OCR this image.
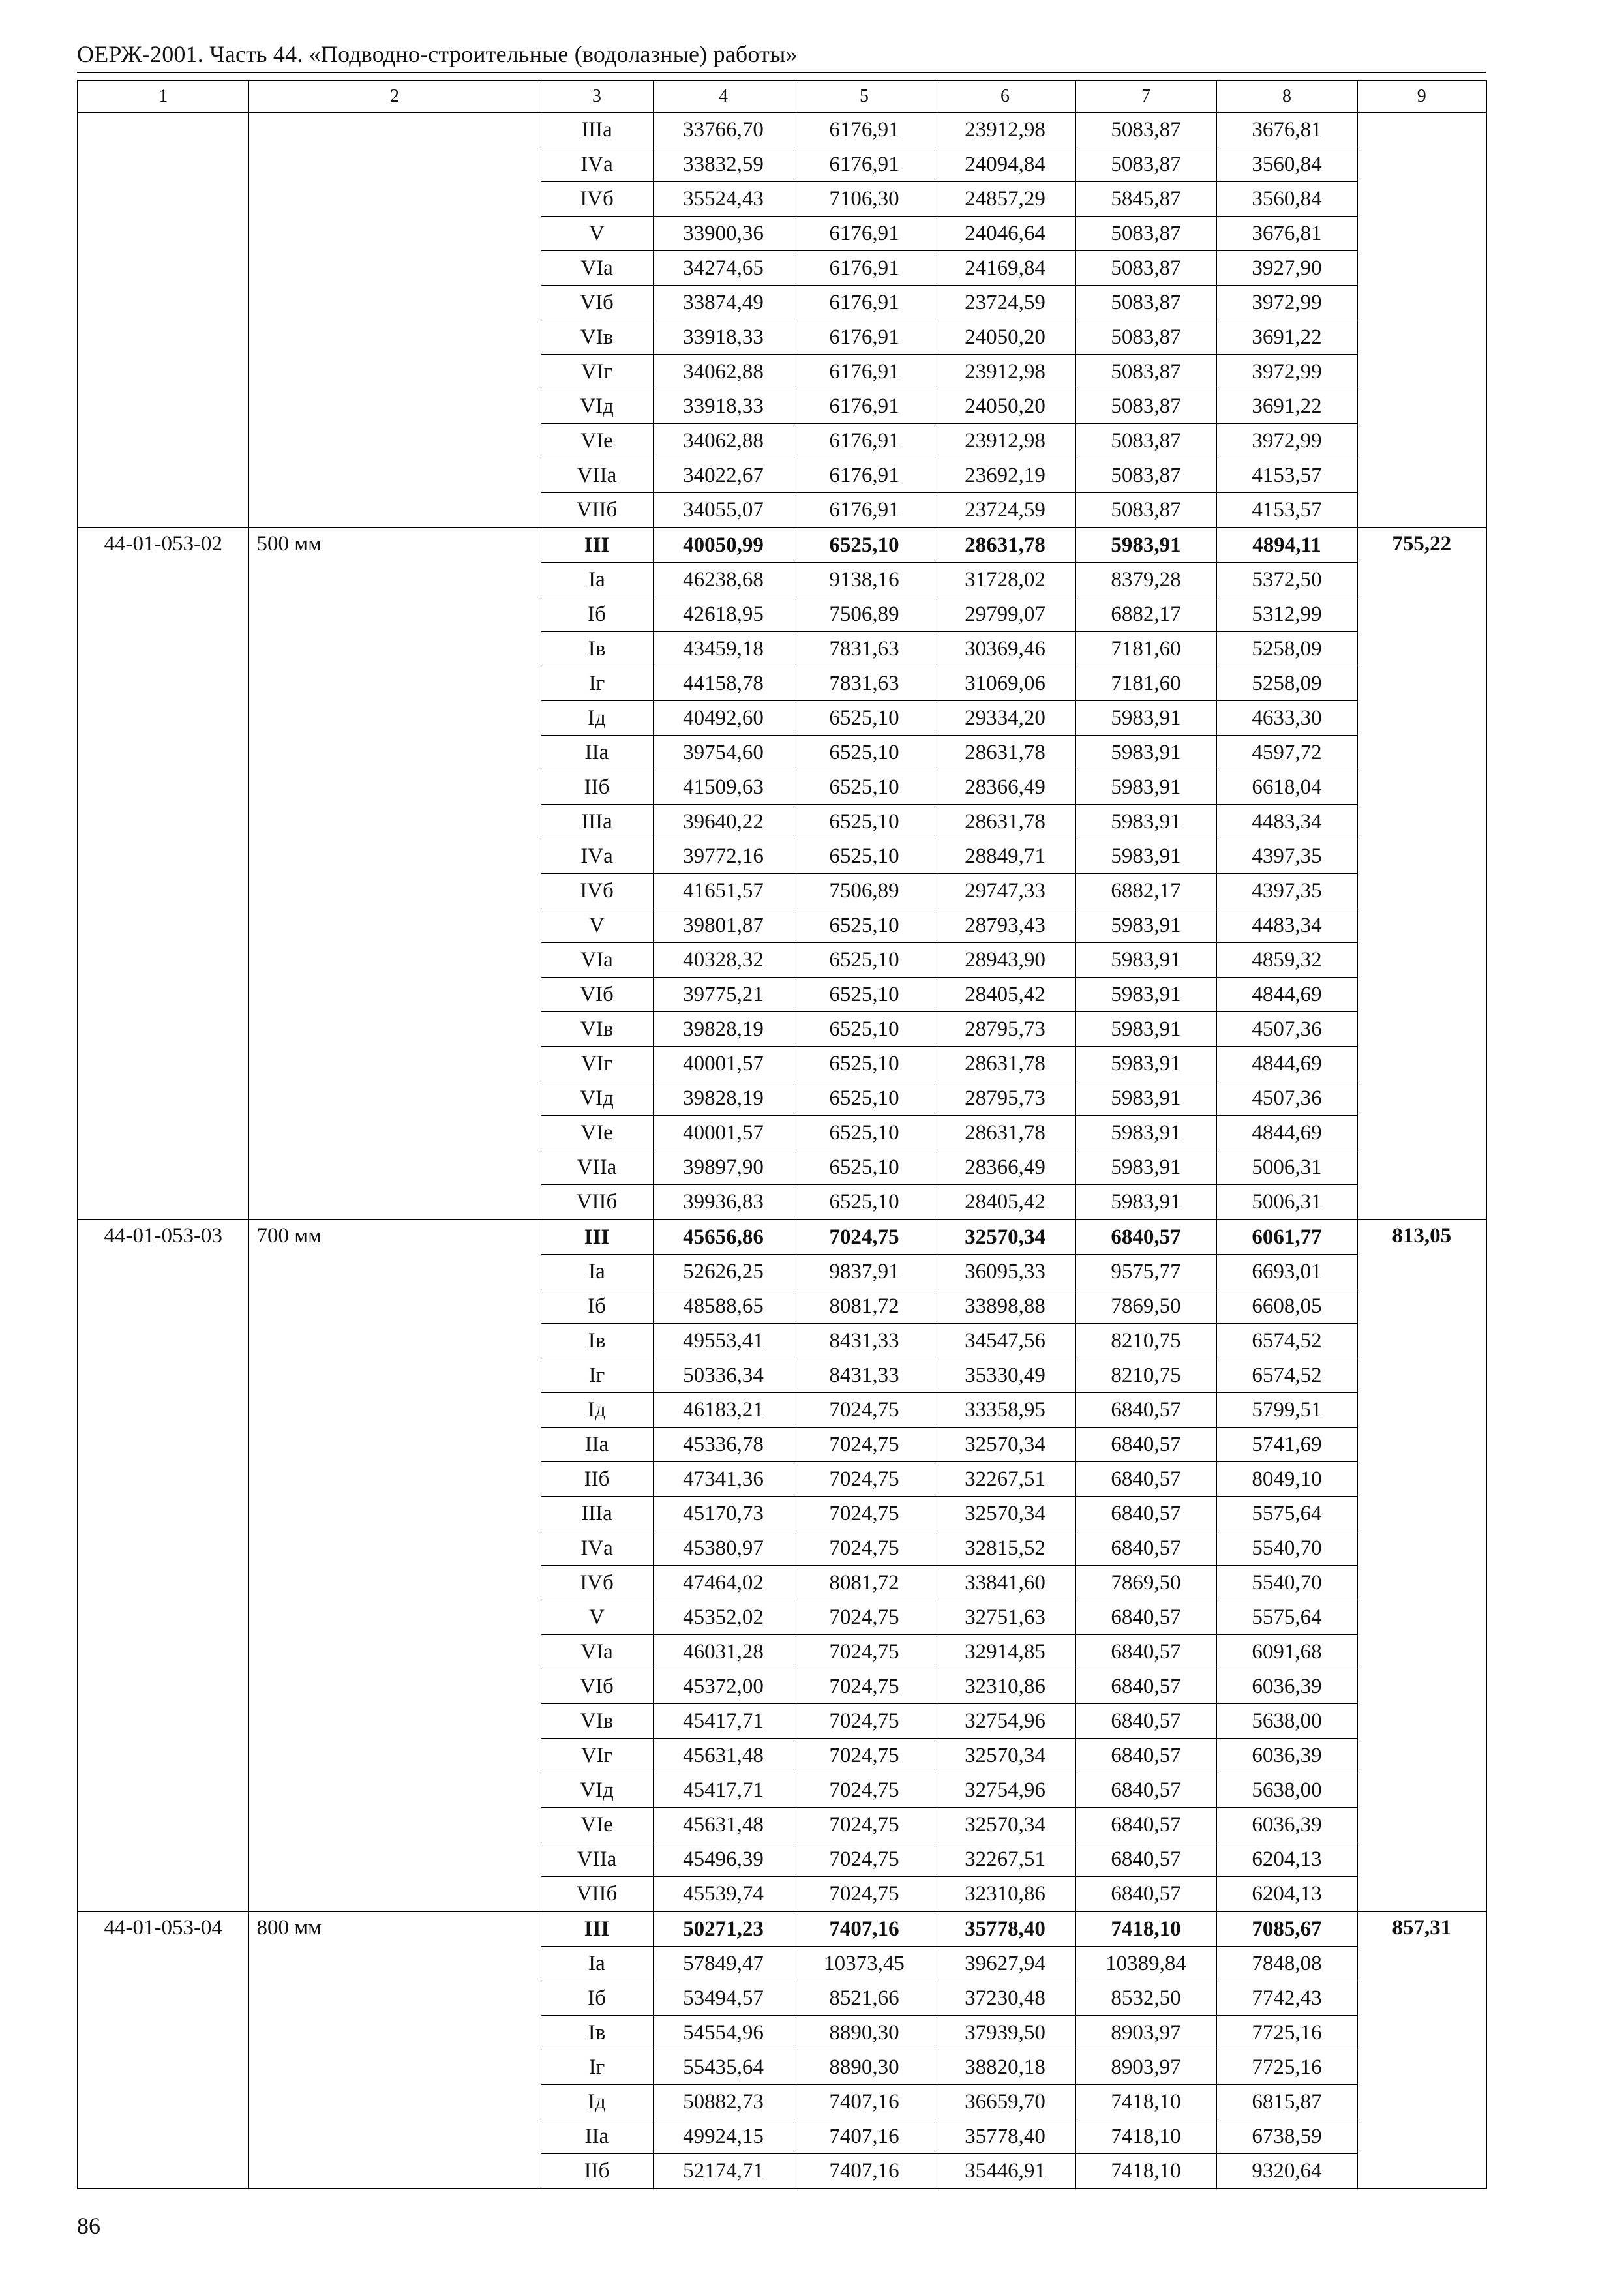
ОЕРЖ-2001. Часть 44. «Подводно-строительные (водолазные) работы»
1	2	3	4	5	6	7	8	9
		IIIа	33766,70	6176,91	23912,98	5083,87	3676,81	
		IVа	33832,59	6176,91	24094,84	5083,87	3560,84	
		IVб	35524,43	7106,30	24857,29	5845,87	3560,84	
		V	33900,36	6176,91	24046,64	5083,87	3676,81	
		VIа	34274,65	6176,91	24169,84	5083,87	3927,90	
		VIб	33874,49	6176,91	23724,59	5083,87	3972,99	
		VIв	33918,33	6176,91	24050,20	5083,87	3691,22	
		VIг	34062,88	6176,91	23912,98	5083,87	3972,99	
		VIд	33918,33	6176,91	24050,20	5083,87	3691,22	
		VIе	34062,88	6176,91	23912,98	5083,87	3972,99	
		VIIа	34022,67	6176,91	23692,19	5083,87	4153,57	
		VIIб	34055,07	6176,91	23724,59	5083,87	4153,57	
44-01-053-02	500 мм	III	40050,99	6525,10	28631,78	5983,91	4894,11	755,22
		Iа	46238,68	9138,16	31728,02	8379,28	5372,50	
		Iб	42618,95	7506,89	29799,07	6882,17	5312,99	
		Iв	43459,18	7831,63	30369,46	7181,60	5258,09	
		Iг	44158,78	7831,63	31069,06	7181,60	5258,09	
		Iд	40492,60	6525,10	29334,20	5983,91	4633,30	
		IIа	39754,60	6525,10	28631,78	5983,91	4597,72	
		IIб	41509,63	6525,10	28366,49	5983,91	6618,04	
		IIIа	39640,22	6525,10	28631,78	5983,91	4483,34	
		IVа	39772,16	6525,10	28849,71	5983,91	4397,35	
		IVб	41651,57	7506,89	29747,33	6882,17	4397,35	
		V	39801,87	6525,10	28793,43	5983,91	4483,34	
		VIа	40328,32	6525,10	28943,90	5983,91	4859,32	
		VIб	39775,21	6525,10	28405,42	5983,91	4844,69	
		VIв	39828,19	6525,10	28795,73	5983,91	4507,36	
		VIг	40001,57	6525,10	28631,78	5983,91	4844,69	
		VIд	39828,19	6525,10	28795,73	5983,91	4507,36	
		VIе	40001,57	6525,10	28631,78	5983,91	4844,69	
		VIIа	39897,90	6525,10	28366,49	5983,91	5006,31	
		VIIб	39936,83	6525,10	28405,42	5983,91	5006,31	
44-01-053-03	700 мм	III	45656,86	7024,75	32570,34	6840,57	6061,77	813,05
		Iа	52626,25	9837,91	36095,33	9575,77	6693,01	
		Iб	48588,65	8081,72	33898,88	7869,50	6608,05	
		Iв	49553,41	8431,33	34547,56	8210,75	6574,52	
		Iг	50336,34	8431,33	35330,49	8210,75	6574,52	
		Iд	46183,21	7024,75	33358,95	6840,57	5799,51	
		IIа	45336,78	7024,75	32570,34	6840,57	5741,69	
		IIб	47341,36	7024,75	32267,51	6840,57	8049,10	
		IIIа	45170,73	7024,75	32570,34	6840,57	5575,64	
		IVа	45380,97	7024,75	32815,52	6840,57	5540,70	
		IVб	47464,02	8081,72	33841,60	7869,50	5540,70	
		V	45352,02	7024,75	32751,63	6840,57	5575,64	
		VIа	46031,28	7024,75	32914,85	6840,57	6091,68	
		VIб	45372,00	7024,75	32310,86	6840,57	6036,39	
		VIв	45417,71	7024,75	32754,96	6840,57	5638,00	
		VIг	45631,48	7024,75	32570,34	6840,57	6036,39	
		VIд	45417,71	7024,75	32754,96	6840,57	5638,00	
		VIе	45631,48	7024,75	32570,34	6840,57	6036,39	
		VIIа	45496,39	7024,75	32267,51	6840,57	6204,13	
		VIIб	45539,74	7024,75	32310,86	6840,57	6204,13	
44-01-053-04	800 мм	III	50271,23	7407,16	35778,40	7418,10	7085,67	857,31
		Iа	57849,47	10373,45	39627,94	10389,84	7848,08	
		Iб	53494,57	8521,66	37230,48	8532,50	7742,43	
		Iв	54554,96	8890,30	37939,50	8903,97	7725,16	
		Iг	55435,64	8890,30	38820,18	8903,97	7725,16	
		Iд	50882,73	7407,16	36659,70	7418,10	6815,87	
		IIа	49924,15	7407,16	35778,40	7418,10	6738,59	
		IIб	52174,71	7407,16	35446,91	7418,10	9320,64	
86
